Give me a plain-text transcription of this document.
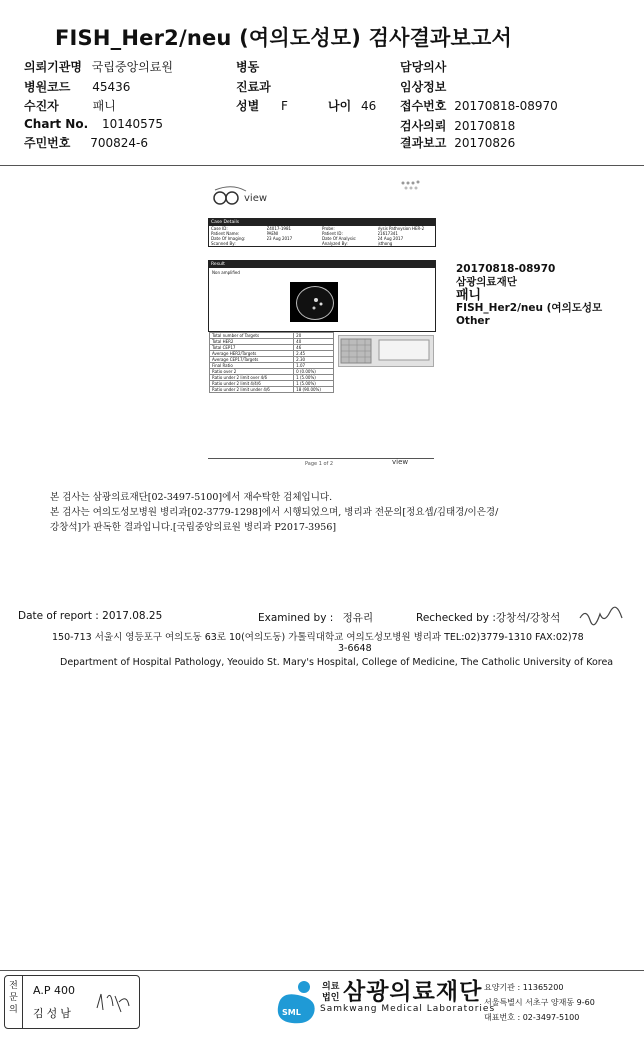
FISH_Her2/neu (여의도성모) 검사결과보고서
의뢰기관명 국립중앙의료원	병동	담당의사
병원코드 45436	진료과	임상정보
수진자	패니	성별 F	나이 46 접수번호 20170818-08970
Chart No. 10140575	검사의뢰 20170818
주민번호 700824-6	결과보고 20170826
view
Case Details
Case ID:	Z4017-1981	Probe:	Vysis Pathvysion HER-2
Patient Name:	PAENI	Patient ID:	21617341
Date Of Imaging:	23 Aug 2017	Date Of Analysis:	24 Aug 2017
Scanned By:	Analyzed By:	jsthong
Result
Non amplified
Total number of Targets	20
Total HER2	40
Total CEP17	46
Average HER2/Targets	2.45
Average CEP17/Targets	2.30
Final Ratio	1.07
Ratio over 2	0 (0.00%)
Ratio under 2 limit over 4/6	1 (5.00%)
Ratio under 2 limit 4/4/6	1 (5.00%)
Ratio under 2 limit under 4/6	18 (90.00%)
Page 1 of 2	view
20170818-08970
삼광의료재단
패니
FISH_Her2/neu (여의도성모
Other
본 검사는 삼광의료재단[02-3497-5100]에서 재수탁한 검체입니다.
본 검사는 여의도성모병원 병리과[02-3779-1298]에서 시행되었으며, 병리과 전문의[정요셉/김태경/이은경/
강창석]가 판독한 결과입니다.[국립중앙의료원 병리과 P2017-3956]
Date of report : 2017.08.25	Examined by : 정유리	Rechecked by :강창석/강창석
150-713 서울시 영등포구 여의도동 63로 10(여의도동) 가톨릭대학교 여의도성모병원 병리과 TEL:02)3779-1310 FAX:02)78
3-6648
Department of Hospital Pathology, Yeouido St. Mary's Hospital, College of Medicine, The Catholic University of Korea
전
문
의
A.P 400
김성남	SML
의료
법인 삼광의료재단
Samkwang Medical Laboratories
요양기관 : 11365200
서울특별시 서초구 양재동 9-60
대표번호 : 02-3497-5100
